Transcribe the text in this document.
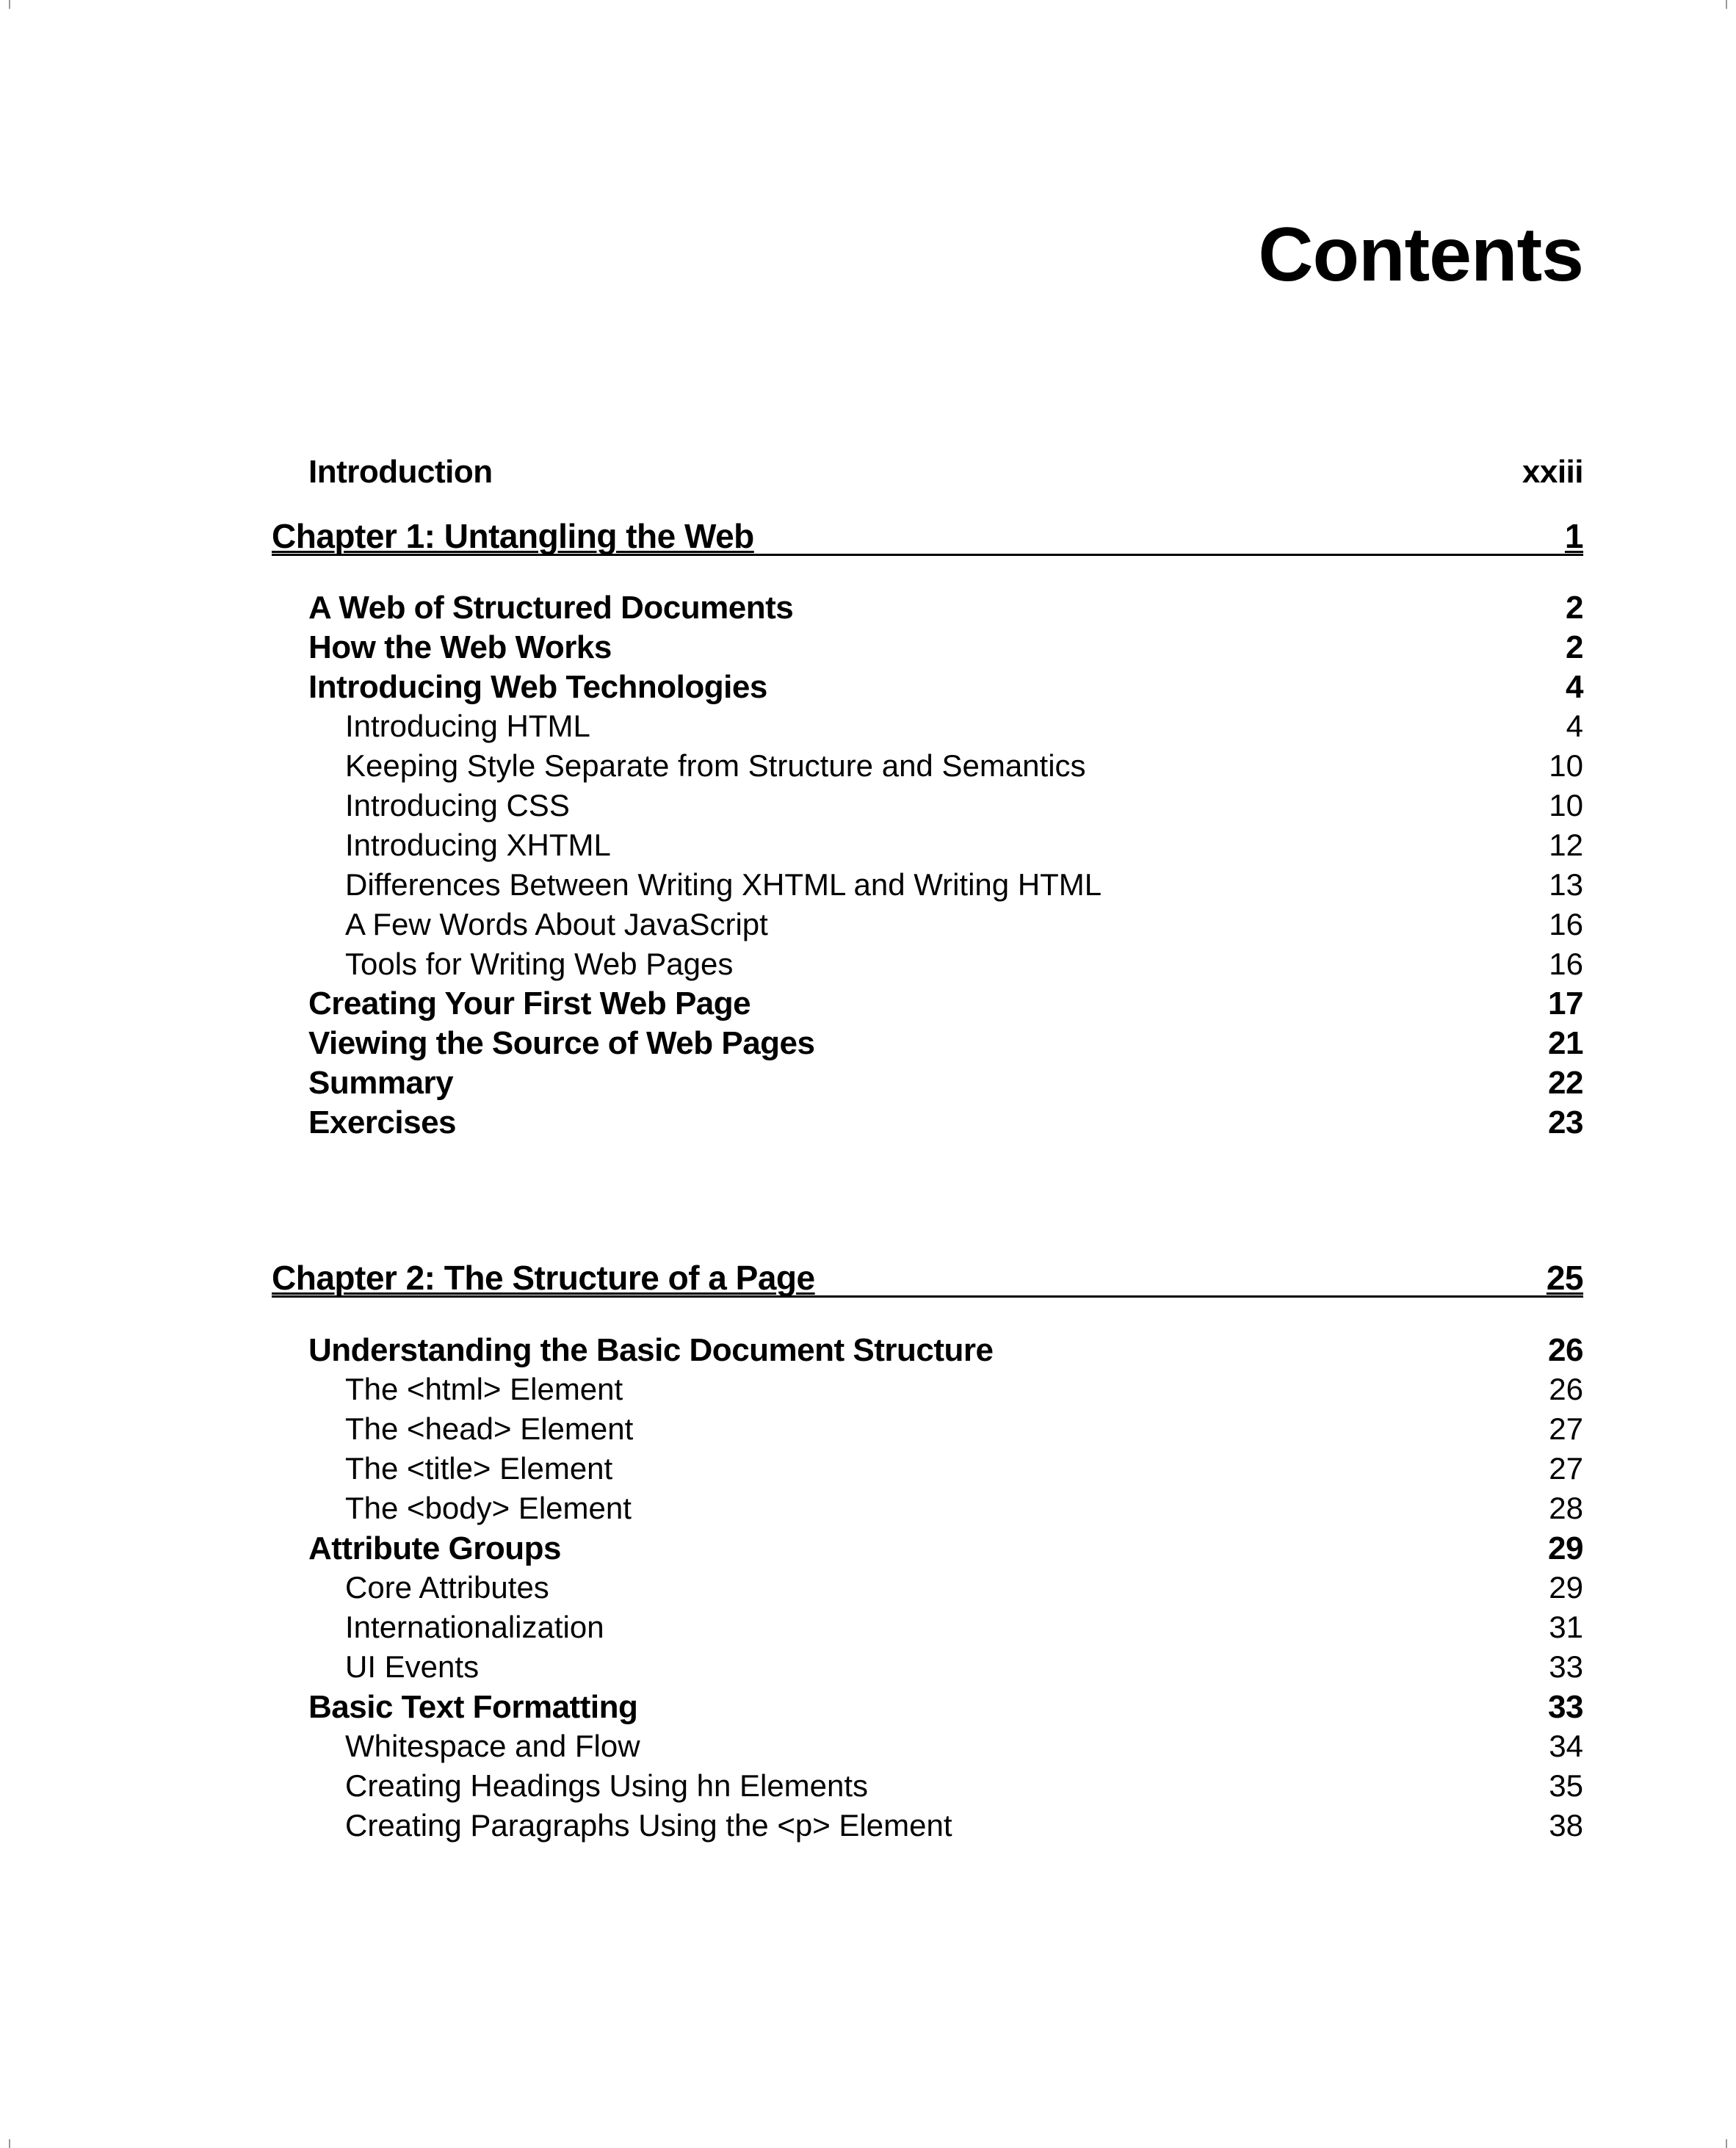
Contents
Introduction	xxiii
Chapter 1: Untangling the Web	1
A Web of Structured Documents	2
How the Web Works	2
Introducing Web Technologies	4
Introducing HTML	4
Keeping Style Separate from Structure and Semantics	10
Introducing CSS	10
Introducing XHTML	12
Differences Between Writing XHTML and Writing HTML	13
A Few Words About JavaScript	16
Tools for Writing Web Pages	16
Creating Your First Web Page	17
Viewing the Source of Web Pages	21
Summary	22
Exercises	23
Chapter 2: The Structure of a Page	25
Understanding the Basic Document Structure	26
The <html> Element	26
The <head> Element	27
The <title> Element	27
The <body> Element	28
Attribute Groups	29
Core Attributes	29
Internationalization	31
UI Events	33
Basic Text Formatting	33
Whitespace and Flow	34
Creating Headings Using hn Elements	35
Creating Paragraphs Using the <p> Element	38
